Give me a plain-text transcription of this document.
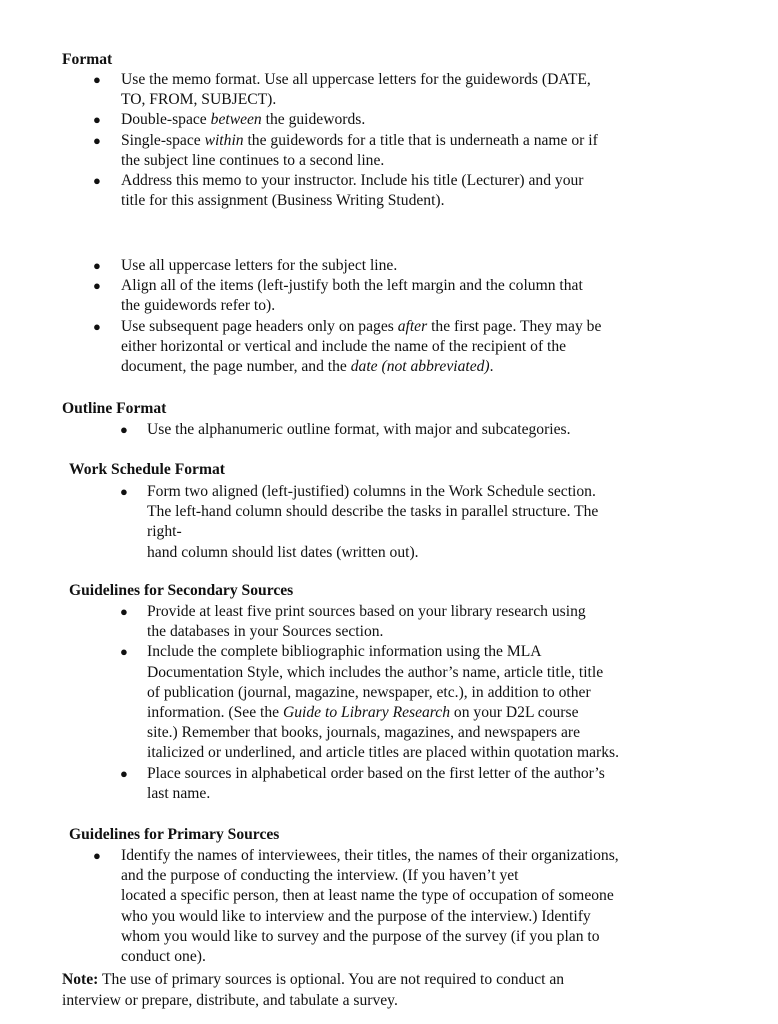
Format
● Use the memo format. Use all uppercase letters for the guidewords (DATE,
TO, FROM, SUBJECT).
● Double-space between the guidewords.
● Single-space within the guidewords for a title that is underneath a name or if
the subject line continues to a second line.
● Address this memo to your instructor. Include his title (Lecturer) and your
title for this assignment (Business Writing Student).
● Use all uppercase letters for the subject line.
● Align all of the items (left-justify both the left margin and the column that
the guidewords refer to).
● Use subsequent page headers only on pages after the first page. They may be
either horizontal or vertical and include the name of the recipient of the
document, the page number, and the date (not abbreviated).
Outline Format
● Use the alphanumeric outline format, with major and subcategories.
Work Schedule Format
● Form two aligned (left-justified) columns in the Work Schedule section.
The left-hand column should describe the tasks in parallel structure. The
right-
hand column should list dates (written out).
Guidelines for Secondary Sources
● Provide at least five print sources based on your library research using
the databases in your Sources section.
● Include the complete bibliographic information using the MLA
Documentation Style, which includes the author’s name, article title, title
of publication (journal, magazine, newspaper, etc.), in addition to other
information. (See the Guide to Library Research on your D2L course
site.) Remember that books, journals, magazines, and newspapers are
italicized or underlined, and article titles are placed within quotation marks.
● Place sources in alphabetical order based on the first letter of the author’s
last name.
Guidelines for Primary Sources
● Identify the names of interviewees, their titles, the names of their organizations,
and the purpose of conducting the interview. (If you haven’t yet
located a specific person, then at least name the type of occupation of someone
who you would like to interview and the purpose of the interview.) Identify
whom you would like to survey and the purpose of the survey (if you plan to
conduct one).
Note: The use of primary sources is optional. You are not required to conduct an
interview or prepare, distribute, and tabulate a survey.
